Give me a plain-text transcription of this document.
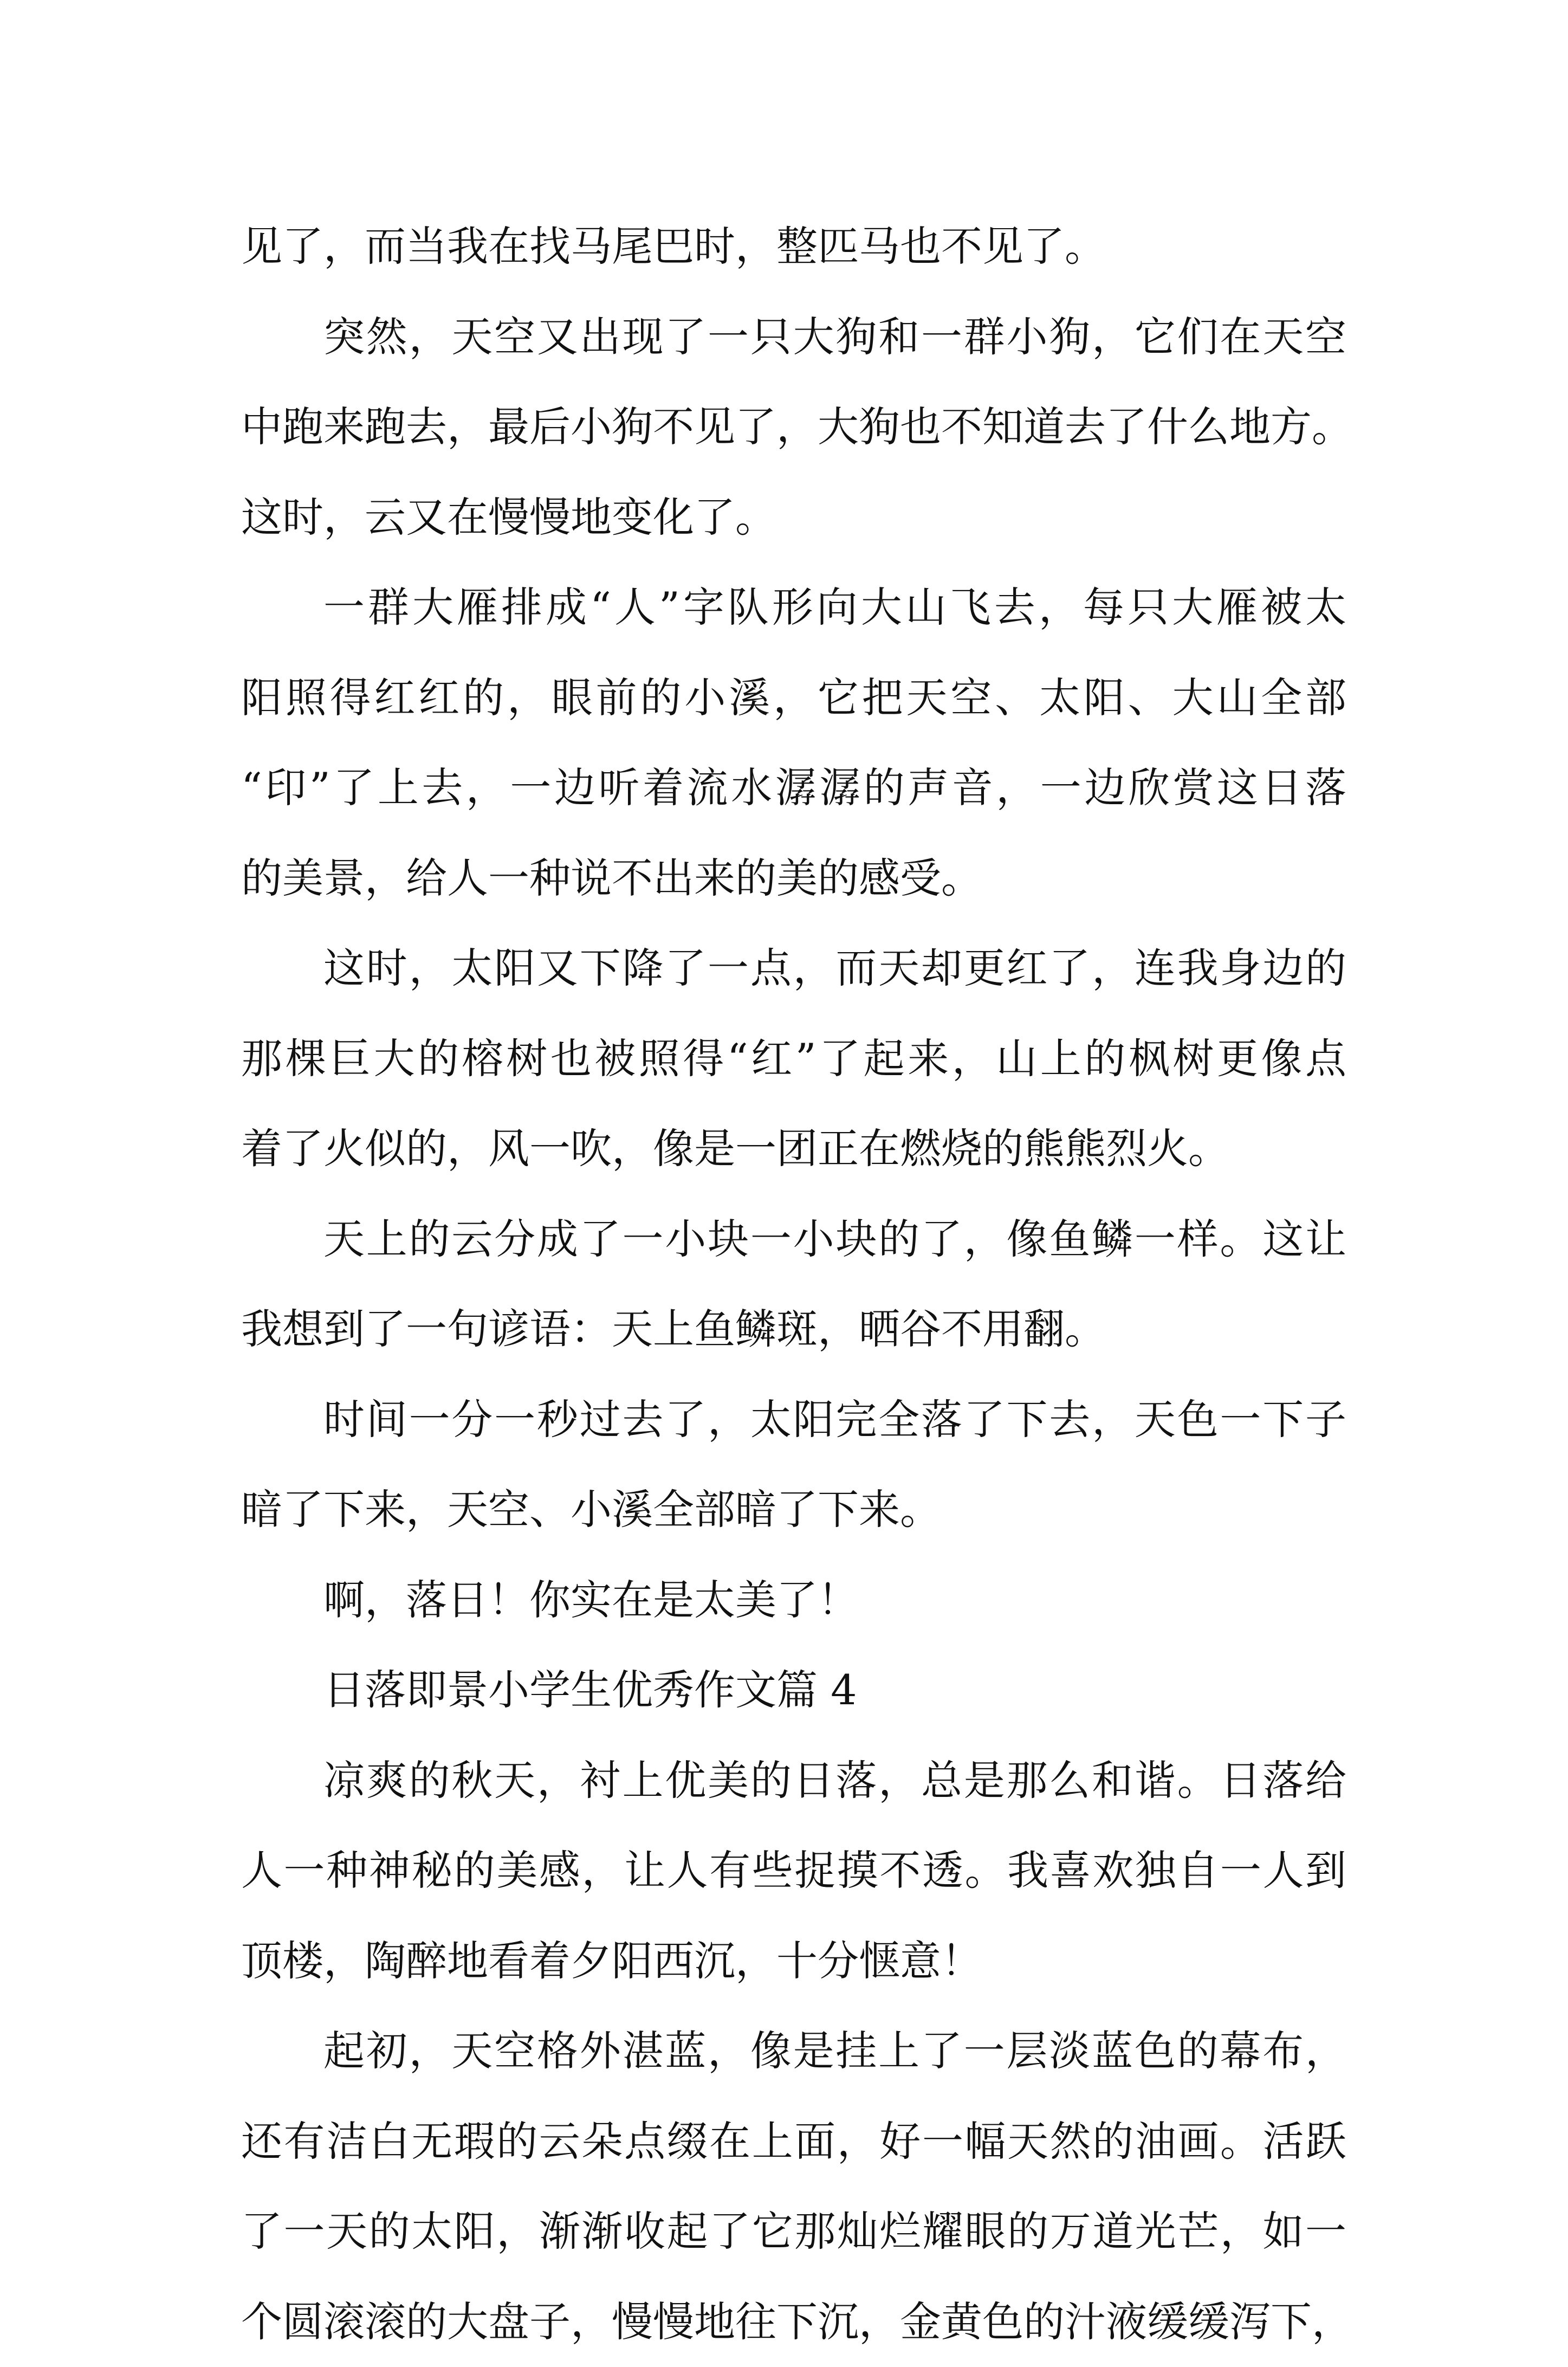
见了，而当我在找马尾巴时，整匹马也不见了。
突然，天空又出现了一只大狗和一群小狗，它们在天空
中跑来跑去，最后小狗不见了，大狗也不知道去了什么地方。
这时，云又在慢慢地变化了。
一群大雁排成“人”字队形向大山飞去，每只大雁被太
阳照得红红的，眼前的小溪，它把天空、太阳、大山全部
“印”了上去，一边听着流水潺潺的声音，一边欣赏这日落
的美景，给人一种说不出来的美的感受。
这时，太阳又下降了一点，而天却更红了，连我身边的
那棵巨大的榕树也被照得“红”了起来，山上的枫树更像点
着了火似的，风一吹，像是一团正在燃烧的熊熊烈火。
天上的云分成了一小块一小块的了，像鱼鳞一样。这让
我想到了一句谚语：天上鱼鳞斑，晒谷不用翻。
时间一分一秒过去了，太阳完全落了下去，天色一下子
暗了下来，天空、小溪全部暗了下来。
啊，落日！你实在是太美了！
日落即景小学生优秀作文篇 4
凉爽的秋天，衬上优美的日落，总是那么和谐。日落给
人一种神秘的美感，让人有些捉摸不透。我喜欢独自一人到
顶楼，陶醉地看着夕阳西沉，十分惬意！
起初，天空格外湛蓝，像是挂上了一层淡蓝色的幕布，
还有洁白无瑕的云朵点缀在上面，好一幅天然的油画。活跃
了一天的太阳，渐渐收起了它那灿烂耀眼的万道光芒，如一
个圆滚滚的大盘子，慢慢地往下沉，金黄色的汁液缓缓泻下，
